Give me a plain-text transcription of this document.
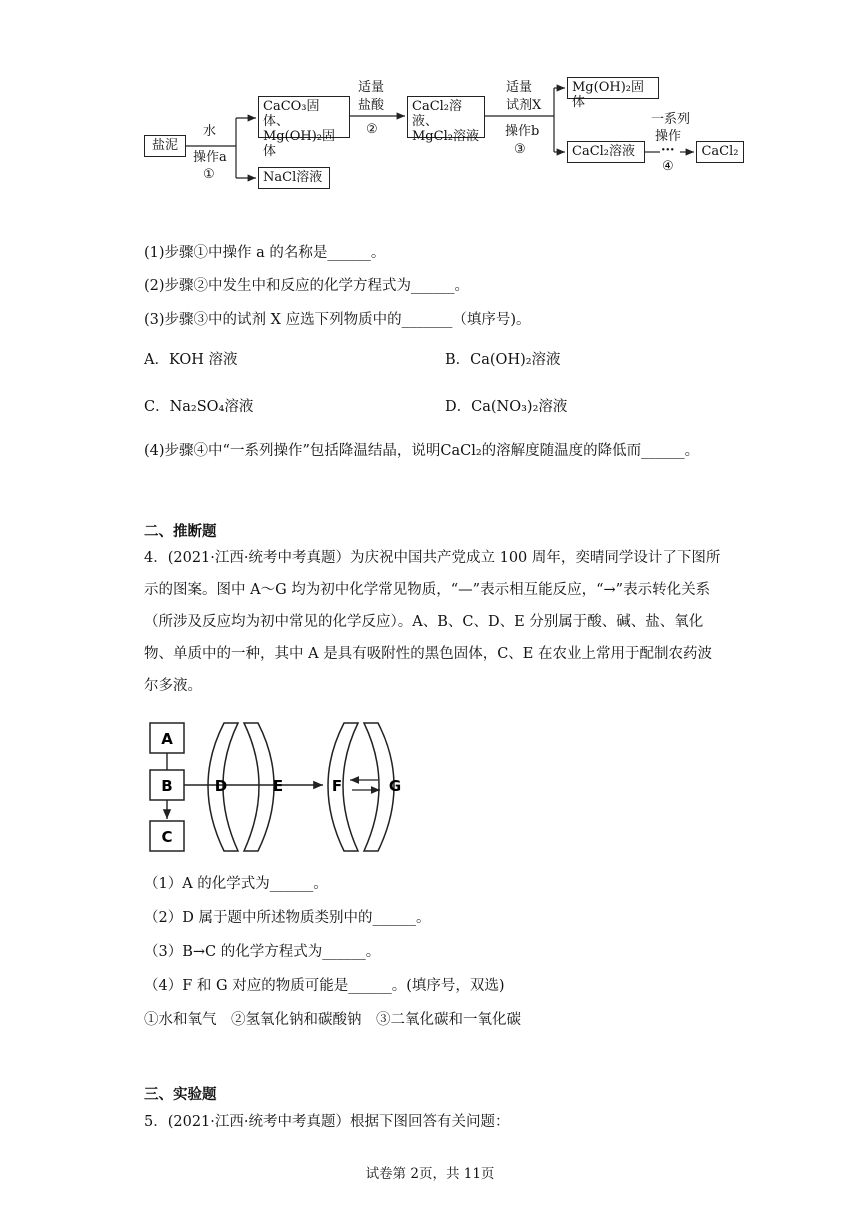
盐泥
水
操作a
①
CaCO₃固体、
Mg(OH)₂固体
NaCl溶液
适量
盐酸
②
CaCl₂溶液、
MgCl₂溶液
适量
试剂X
操作b
③
Mg(OH)₂固体
CaCl₂溶液
一系列
操作
···
④
CaCl₂
(1)步骤①中操作 a 的名称是______。
(2)步骤②中发生中和反应的化学方程式为______。
(3)步骤③中的试剂 X 应选下列物质中的_______（填序号)。
A．KOH 溶液	B．Ca(OH)₂溶液
C．Na₂SO₄溶液	D．Ca(NO₃)₂溶液
(4)步骤④中“一系列操作”包括降温结晶，说明CaCl₂的溶解度随温度的降低而______。
二、推断题
4．(2021·江西·统考中考真题）为庆祝中国共产党成立 100 周年，奕晴同学设计了下图所示的图案。图中 A～G 均为初中化学常见物质，“—”表示相互能反应，“→”表示转化关系（所涉及反应均为初中常见的化学反应）。A、B、C、D、E 分别属于酸、碱、盐、氧化物、单质中的一种，其中 A 是具有吸附性的黑色固体，C、E 在农业上常用于配制农药波尔多液。
A
B
C
D	E	F	G
（1）A 的化学式为______。
（2）D 属于题中所述物质类别中的______。
（3）B→C 的化学方程式为______。
（4）F 和 G 对应的物质可能是______。(填序号，双选)
①水和氧气　②氢氧化钠和碳酸钠　③二氧化碳和一氧化碳
三、实验题
5．(2021·江西·统考中考真题）根据下图回答有关问题：
试卷第 2页，共 11页
